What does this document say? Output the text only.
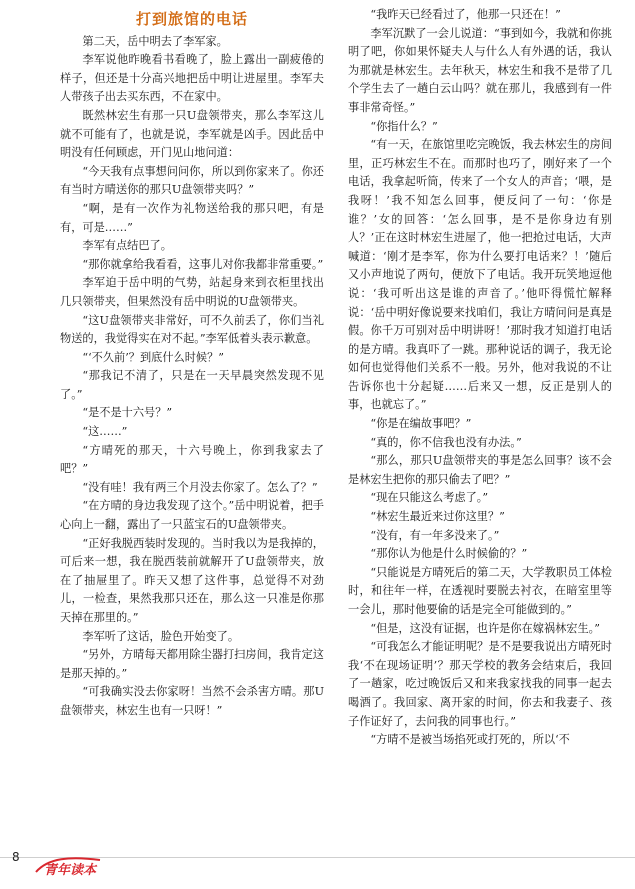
打到旅馆的电话

第二天，岳中明去了李军家。

李军说他昨晚看书看晚了，脸上露出一副疲倦的样子，但还是十分高兴地把岳中明让进屋里。李军夫人带孩子出去买东西，不在家中。

既然林宏生有那一只U盘领带夹，那么李军这儿就不可能有了，也就是说，李军就是凶手。因此岳中明没有任何顾虑，开门见山地问道：

“今天我有点事想问问你，所以到你家来了。你还有当时方晴送你的那只U盘领带夹吗？”

“啊，是有一次作为礼物送给我的那只吧，有是有，可是……”

李军有点结巴了。

“那你就拿给我看看，这事儿对你我都非常重要。”

李军迫于岳中明的气势，站起身来到衣柜里找出几只领带夹，但果然没有岳中明说的U盘领带夹。

“这U盘领带夹非常好，可不久前丢了，你们当礼物送的，我觉得实在对不起。”李军低着头表示歉意。

“‘不久前’？到底什么时候？”

“那我记不清了，只是在一天早晨突然发现不见了。”

“是不是十六号？”

“这……”

“方晴死的那天，十六号晚上，你到我家去了吧？”

“没有哇！我有两三个月没去你家了。怎么了？”

“在方晴的身边我发现了这个。”岳中明说着，把手心向上一翻，露出了一只蓝宝石的U盘领带夹。

“正好我脱西装时发现的。当时我以为是我掉的，可后来一想，我在脱西装前就解开了U盘领带夹，放在了抽屉里了。昨天又想了这件事，总觉得不对劲儿，一检查，果然我那只还在，那么这一只准是你那天掉在那里的。”

李军听了这话，脸色开始变了。

“另外，方晴每天都用除尘器打扫房间，我肯定这是那天掉的。”

“可我确实没去你家呀！当然不会杀害方晴。那U盘领带夹，林宏生也有一只呀！”

“我昨天已经看过了，他那一只还在！”

李军沉默了一会儿说道：“事到如今，我就和你挑明了吧，你如果怀疑夫人与什么人有外遇的话，我认为那就是林宏生。去年秋天，林宏生和我不是带了几个学生去了一趟白云山吗？就在那儿，我感到有一件事非常奇怪。”

“你指什么？”

“有一天，在旅馆里吃完晚饭，我去林宏生的房间里，正巧林宏生不在。而那时也巧了，刚好来了一个电话，我拿起听筒，传来了一个女人的声音；‘喂，是我呀！’我不知怎么回事，便反问了一句：‘你是谁？’女的回答：‘怎么回事，是不是你身边有别人？’正在这时林宏生进屋了，他一把抢过电话，大声喊道：‘刚才是李军，你为什么要打电话来？！’随后又小声地说了两句，便放下了电话。我开玩笑地逗他说：‘我可听出这是谁的声音了。’他吓得慌忙解释说：‘岳中明好像说要来找咱们，我让方晴问问是真是假。你千万可别对岳中明讲呀！’那时我才知道打电话的是方晴。我真吓了一跳。那种说话的调子，我无论如何也觉得他们关系不一般。另外，他对我说的不让告诉你也十分起疑……后来又一想，反正是别人的事，也就忘了。”

“你是在编故事吧？”

“真的，你不信我也没有办法。”

“那么，那只U盘领带夹的事是怎么回事？该不会是林宏生把你的那只偷去了吧？”

“现在只能这么考虑了。”

“林宏生最近来过你这里？”

“没有，有一年多没来了。”

“那你认为他是什么时候偷的？”

“只能说是方晴死后的第二天，大学教职员工体检时，和往年一样，在透视时要脱去衬衣，在暗室里等一会儿，那时他要偷的话是完全可能做到的。”

“但是，这没有证据，也许是你在嫁祸林宏生。”

“可我怎么才能证明呢？是不是要我说出方晴死时我‘不在现场证明’？那天学校的教务会结束后，我回了一趟家，吃过晚饭后又和来我家找我的同事一起去喝酒了。我回家、离开家的时间，你去和我妻子、孩子作证好了，去问我的同事也行。”

“方晴不是被当场掐死或打死的，所以‘不

8
青年读本
